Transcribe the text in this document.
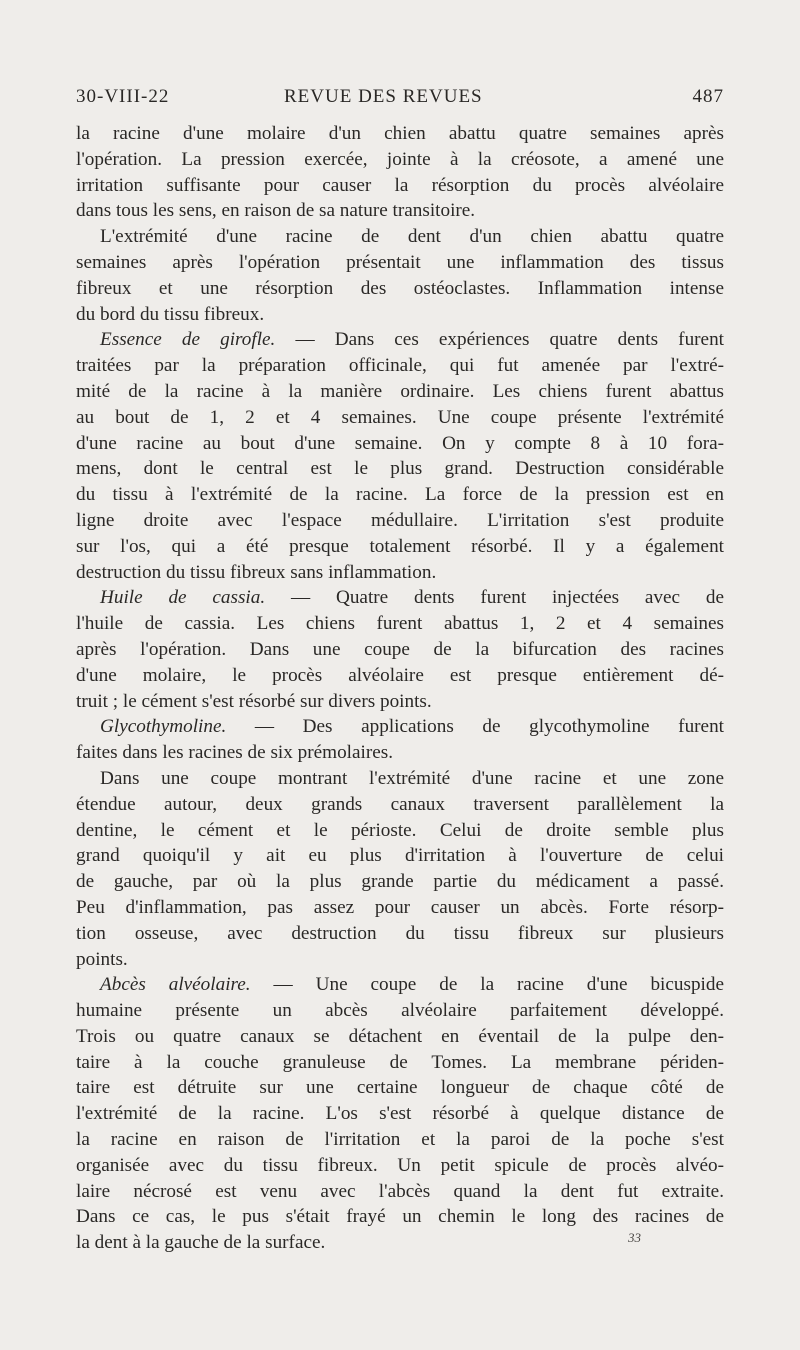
30-VIII-22	REVUE DES REVUES	487
la racine d'une molaire d'un chien abattu quatre semaines après
l'opération. La pression exercée, jointe à la créosote, a amené une
irritation suffisante pour causer la résorption du procès alvéolaire
dans tous les sens, en raison de sa nature transitoire.
L'extrémité d'une racine de dent d'un chien abattu quatre
semaines après l'opération présentait une inflammation des tissus
fibreux et une résorption des ostéoclastes. Inflammation intense
du bord du tissu fibreux.
Essence de girofle. — Dans ces expériences quatre dents furent
traitées par la préparation officinale, qui fut amenée par l'extré-
mité de la racine à la manière ordinaire. Les chiens furent abattus
au bout de 1, 2 et 4 semaines. Une coupe présente l'extrémité
d'une racine au bout d'une semaine. On y compte 8 à 10 fora-
mens, dont le central est le plus grand. Destruction considérable
du tissu à l'extrémité de la racine. La force de la pression est en
ligne droite avec l'espace médullaire. L'irritation s'est produite
sur l'os, qui a été presque totalement résorbé. Il y a également
destruction du tissu fibreux sans inflammation.
Huile de cassia. — Quatre dents furent injectées avec de
l'huile de cassia. Les chiens furent abattus 1, 2 et 4 semaines
après l'opération. Dans une coupe de la bifurcation des racines
d'une molaire, le procès alvéolaire est presque entièrement dé-
truit ; le cément s'est résorbé sur divers points.
Glycothymoline. — Des applications de glycothymoline furent
faites dans les racines de six prémolaires.
Dans une coupe montrant l'extrémité d'une racine et une zone
étendue autour, deux grands canaux traversent parallèlement la
dentine, le cément et le périoste. Celui de droite semble plus
grand quoiqu'il y ait eu plus d'irritation à l'ouverture de celui
de gauche, par où la plus grande partie du médicament a passé.
Peu d'inflammation, pas assez pour causer un abcès. Forte résorp-
tion osseuse, avec destruction du tissu fibreux sur plusieurs
points.
Abcès alvéolaire. — Une coupe de la racine d'une bicuspide
humaine présente un abcès alvéolaire parfaitement développé.
Trois ou quatre canaux se détachent en éventail de la pulpe den-
taire à la couche granuleuse de Tomes. La membrane périden-
taire est détruite sur une certaine longueur de chaque côté de
l'extrémité de la racine. L'os s'est résorbé à quelque distance de
la racine en raison de l'irritation et la paroi de la poche s'est
organisée avec du tissu fibreux. Un petit spicule de procès alvéo-
laire nécrosé est venu avec l'abcès quand la dent fut extraite.
Dans ce cas, le pus s'était frayé un chemin le long des racines de
la dent à la gauche de la surface.	33
